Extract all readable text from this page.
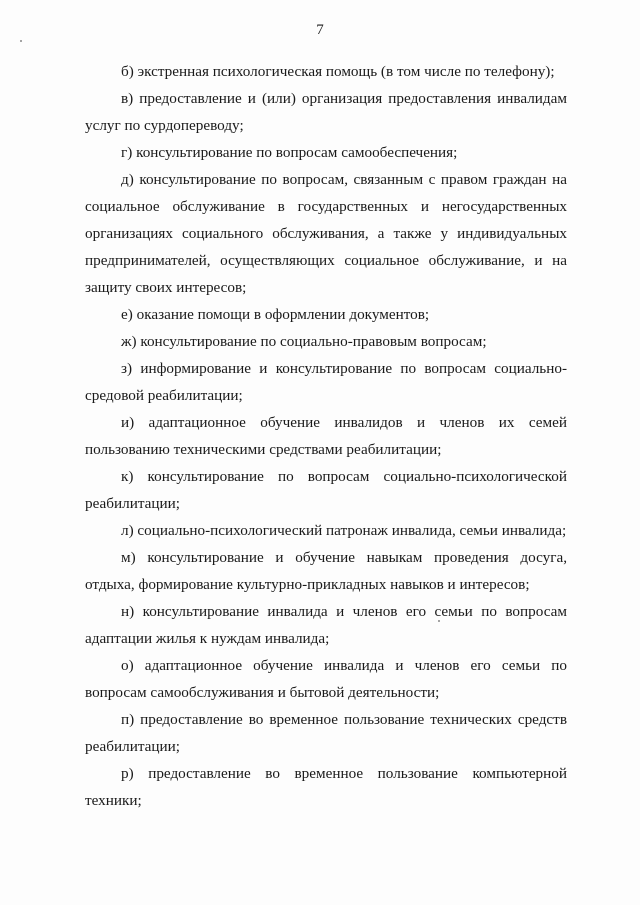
7

б) экстренная психологическая помощь (в том числе по телефону);

в) предоставление и (или) организация предоставления инвалидам услуг по сурдопереводу;

г) консультирование по вопросам самообеспечения;

д) консультирование по вопросам, связанным с правом граждан на социальное обслуживание в государственных и негосударственных организациях социального обслуживания, а также у индивидуальных предпринимателей, осуществляющих социальное обслуживание, и на защиту своих интересов;

е) оказание помощи в оформлении документов;

ж) консультирование по социально-правовым вопросам;

з) информирование и консультирование по вопросам социально-средовой реабилитации;

и) адаптационное обучение инвалидов и членов их семей пользованию техническими средствами реабилитации;

к) консультирование по вопросам социально-психологической реабилитации;

л) социально-психологический патронаж инвалида, семьи инвалида;

м) консультирование и обучение навыкам проведения досуга, отдыха, формирование культурно-прикладных навыков и интересов;

н) консультирование инвалида и членов его семьи по вопросам адаптации жилья к нуждам инвалида;

о) адаптационное обучение инвалида и членов его семьи по вопросам самообслуживания и бытовой деятельности;

п) предоставление во временное пользование технических средств реабилитации;

р) предоставление во временное пользование компьютерной техники;
